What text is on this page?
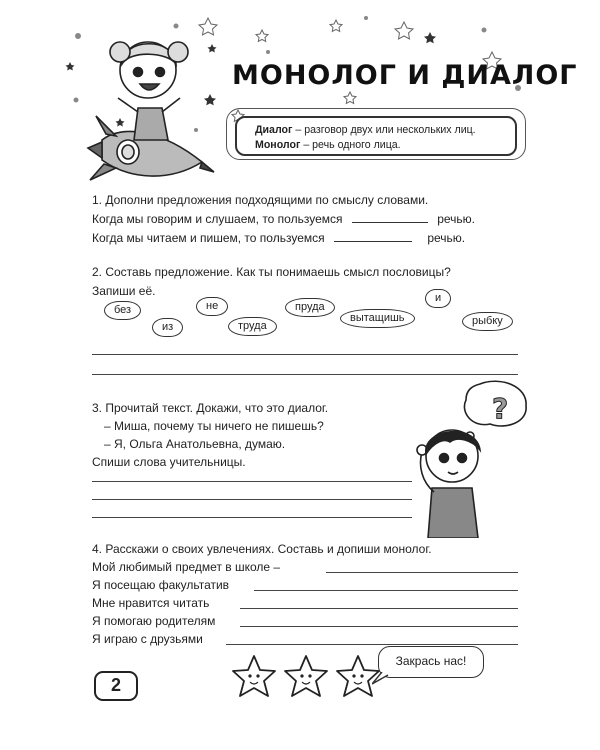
МОНОЛОГ И ДИАЛОГ
Диалог – разговор двух или нескольких лиц.
Монолог – речь одного лица.
1. Дополни предложения подходящими по смыслу словами.
Когда мы говорим и слушаем, то пользуемся	речью.
Когда мы читаем и пишем, то пользуемся	речью.
2. Составь предложение. Как ты понимаешь смысл пословицы?
Запиши её.
без	не	пруда
и
из	труда
вытащишь	рыбку
3. Прочитай текст. Докажи, что это диалог.
– Миша, почему ты ничего не пишешь?
– Я, Ольга Анатольевна, думаю.
Спиши слова учительницы.
?
4. Расскажи о своих увлечениях. Составь и допиши монолог.
Мой любимый предмет в школе –
Я посещаю факультатив
Мне нравится читать
Я помогаю родителям
Я играю с друзьями
2
Закрась нас!
